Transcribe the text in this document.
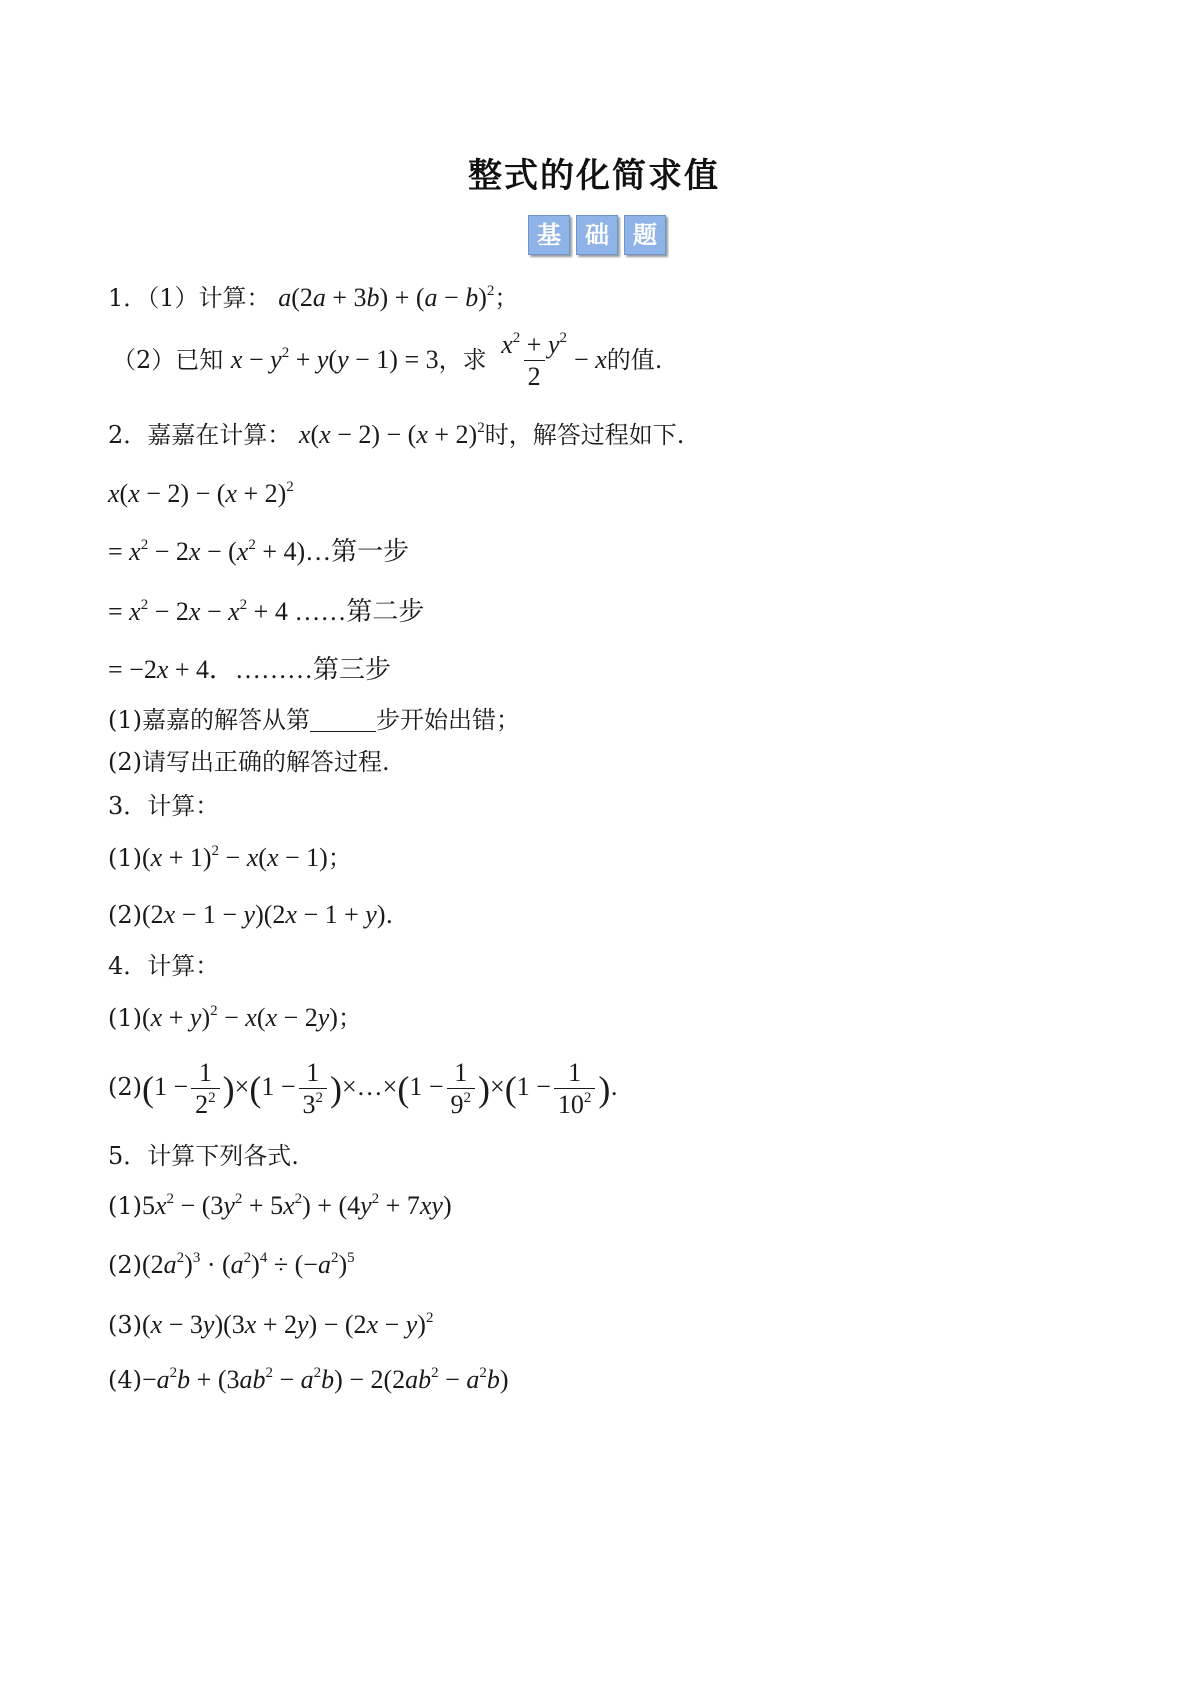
整式的化简求值
基	础	题
1．（1）计算： $a(2a + 3b) + (a - b)^2$；
（2）已知 $x - y^2 + y(y - 1) = 3$，求 $\frac{x^2 + y^2}{2} - x$的值.
2．嘉嘉在计算： $x(x - 2) - (x + 2)^2$时，解答过程如下.
$x(x - 2) - (x + 2)^2$
= $x^2 - 2x - (x^2$ + 4)…第一步
= $x^2 - 2x - x^2 + 4$ ……第二步
= −2x + 4．………第三步
(1)嘉嘉的解答从第	步开始出错；
(2)请写出正确的解答过程.
3．计算：
$(1)(x + 1)^2 - x(x - 1)$；
(2)(2x − 1 − y)(2x − 1 + y).
4．计算：
$(1)(x + y)^2 - x(x - 2y)$；
$(2)(1 - \frac{1}{2^2} )\times(1 - \frac{1}{3^2}$ )×…×(1 − $\frac{1}{9^2} )\times(1 - \frac{1}{10^2}$ ).
5．计算下列各式.
$(1)5x^2 - (3y^2 + 5x^2) + (4y^2 + 7xy)$
$(2)(2a^2)^3 \cdot (a^2)^4 \div (-a^2)^5$
$(3)(x - 3y)(3x + 2y) - (2x - y)^2$
$(4)-a^2b + (3ab^2 - a^2b) - 2(2ab^2 - a^2b)$
